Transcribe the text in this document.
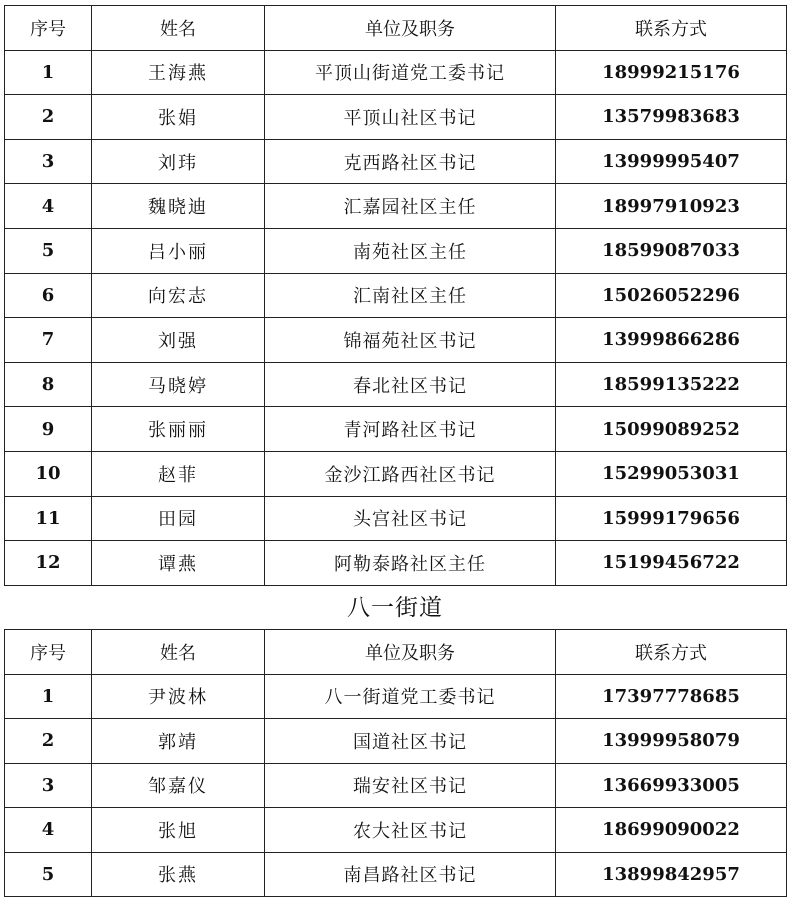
序号	姓名	单位及职务	联系方式
1	王海燕	平顶山街道党工委书记	18999215176
2	张娟	平顶山社区书记	13579983683
3	刘玮	克西路社区书记	13999995407
4	魏晓迪	汇嘉园社区主任	18997910923
5	吕小丽	南苑社区主任	18599087033
6	向宏志	汇南社区主任	15026052296
7	刘强	锦福苑社区书记	13999866286
8	马晓婷	春北社区书记	18599135222
9	张丽丽	青河路社区书记	15099089252
10	赵菲	金沙江路西社区书记	15299053031
11	田园	头宫社区书记	15999179656
12	谭燕	阿勒泰路社区主任	15199456722
八一街道
序号	姓名	单位及职务	联系方式
1	尹波林	八一街道党工委书记	17397778685
2	郭靖	国道社区书记	13999958079
3	邹嘉仪	瑞安社区书记	13669933005
4	张旭	农大社区书记	18699090022
5	张燕	南昌路社区书记	13899842957
